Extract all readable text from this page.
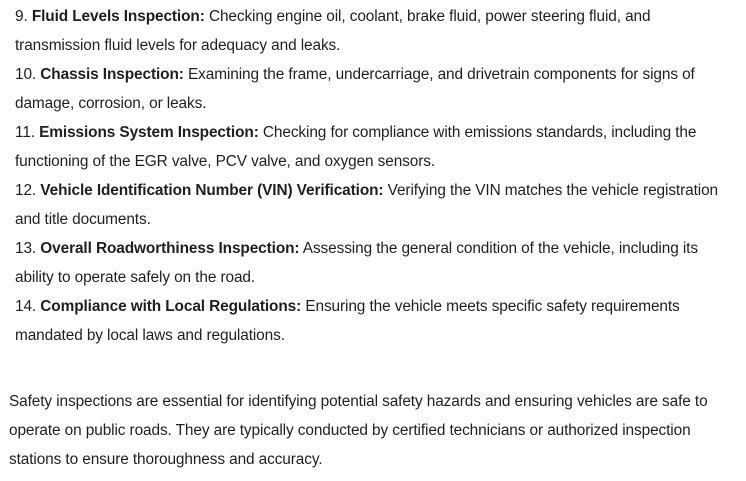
9. Fluid Levels Inspection: Checking engine oil, coolant, brake fluid, power steering fluid, and transmission fluid levels for adequacy and leaks.
10. Chassis Inspection: Examining the frame, undercarriage, and drivetrain components for signs of damage, corrosion, or leaks.
11. Emissions System Inspection: Checking for compliance with emissions standards, including the functioning of the EGR valve, PCV valve, and oxygen sensors.
12. Vehicle Identification Number (VIN) Verification: Verifying the VIN matches the vehicle registration and title documents.
13. Overall Roadworthiness Inspection: Assessing the general condition of the vehicle, including its ability to operate safely on the road.
14. Compliance with Local Regulations: Ensuring the vehicle meets specific safety requirements mandated by local laws and regulations.

Safety inspections are essential for identifying potential safety hazards and ensuring vehicles are safe to operate on public roads. They are typically conducted by certified technicians or authorized inspection stations to ensure thoroughness and accuracy.
